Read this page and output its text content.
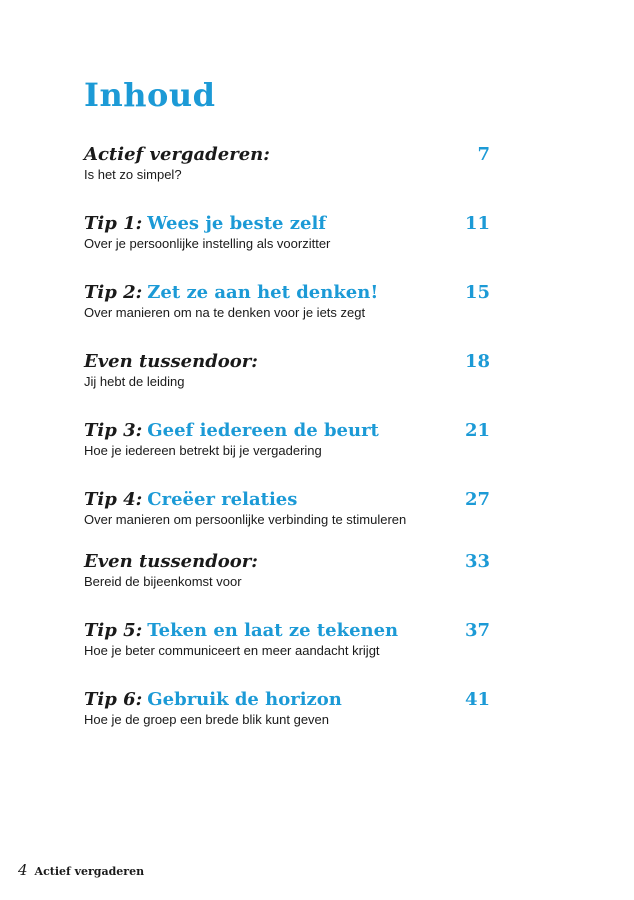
Inhoud
Actief vergaderen:	7
Is het zo simpel?
Tip 1: Wees je beste zelf	11
Over je persoonlijke instelling als voorzitter
Tip 2: Zet ze aan het denken!	15
Over manieren om na te denken voor je iets zegt
Even tussendoor:	18
Jij hebt de leiding
Tip 3: Geef iedereen de beurt	21
Hoe je iedereen betrekt bij je vergadering
Tip 4: Creëer relaties	27
Over manieren om persoonlijke verbinding te stimuleren
Even tussendoor:	33
Bereid de bijeenkomst voor
Tip 5: Teken en laat ze tekenen	37
Hoe je beter communiceert en meer aandacht krijgt
Tip 6: Gebruik de horizon	41
Hoe je de groep een brede blik kunt geven
4 Actief vergaderen
